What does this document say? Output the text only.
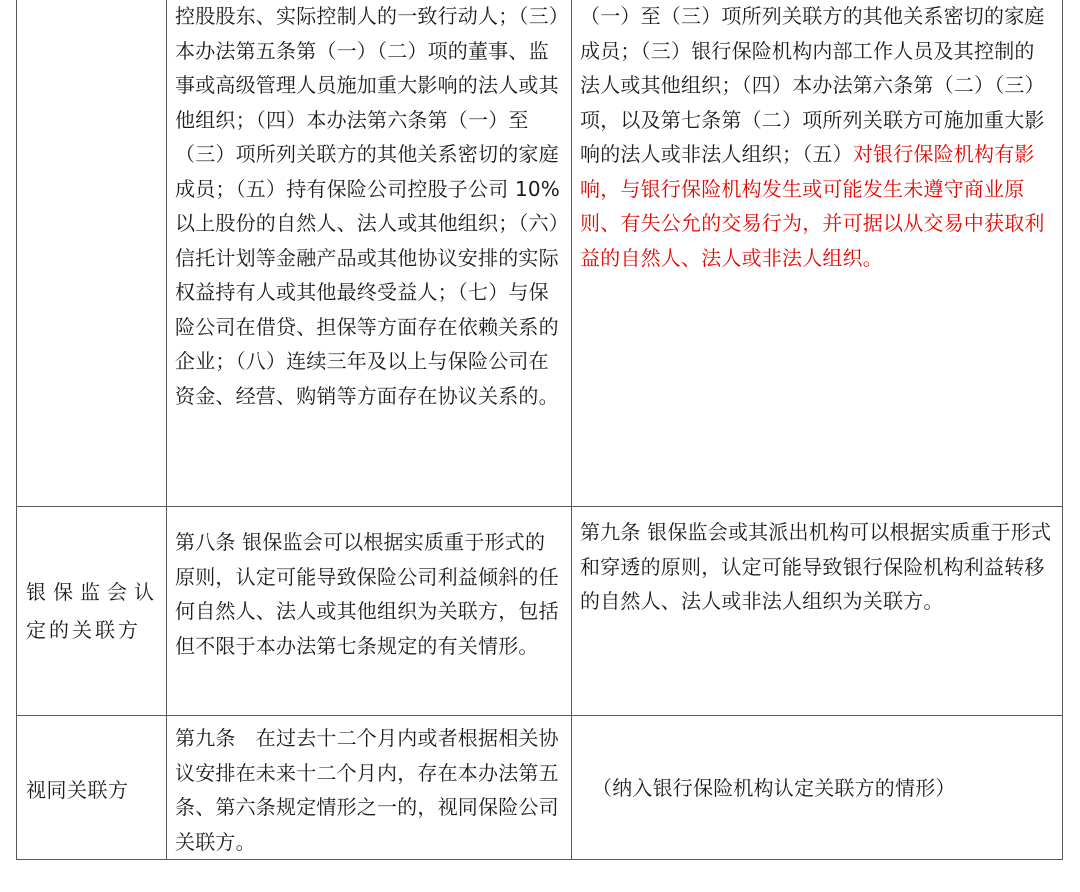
	控股股东、实际控制人的一致行动人；（三）本办法第五条第（一）（二）项的董事、监事或高级管理人员施加重大影响的法人或其他组织；（四）本办法第六条第（一）至（三）项所列关联方的其他关系密切的家庭成员；（五）持有保险公司控股子公司 10%以上股份的自然人、法人或其他组织；（六）信托计划等金融产品或其他协议安排的实际权益持有人或其他最终受益人；（七）与保险公司在借贷、担保等方面存在依赖关系的企业；（八）连续三年及以上与保险公司在资金、经营、购销等方面存在协议关系的。	（一）至（三）项所列关联方的其他关系密切的家庭成员；（三）银行保险机构内部工作人员及其控制的法人或其他组织；（四）本办法第六条第（二）（三）项，以及第七条第（二）项所列关联方可施加重大影响的法人或非法人组织；（五）对银行保险机构有影响，与银行保险机构发生或可能发生未遵守商业原则、有失公允的交易行为，并可据以从交易中获取利益的自然人、法人或非法人组织。

银保监会认定的关联方	第八条 银保监会可以根据实质重于形式的原则，认定可能导致保险公司利益倾斜的任何自然人、法人或其他组织为关联方，包括但不限于本办法第七条规定的有关情形。	第九条 银保监会或其派出机构可以根据实质重于形式和穿透的原则，认定可能导致银行保险机构利益转移的自然人、法人或非法人组织为关联方。

视同关联方	第九条　在过去十二个月内或者根据相关协议安排在未来十二个月内，存在本办法第五条、第六条规定情形之一的，视同保险公司关联方。	（纳入银行保险机构认定关联方的情形）
